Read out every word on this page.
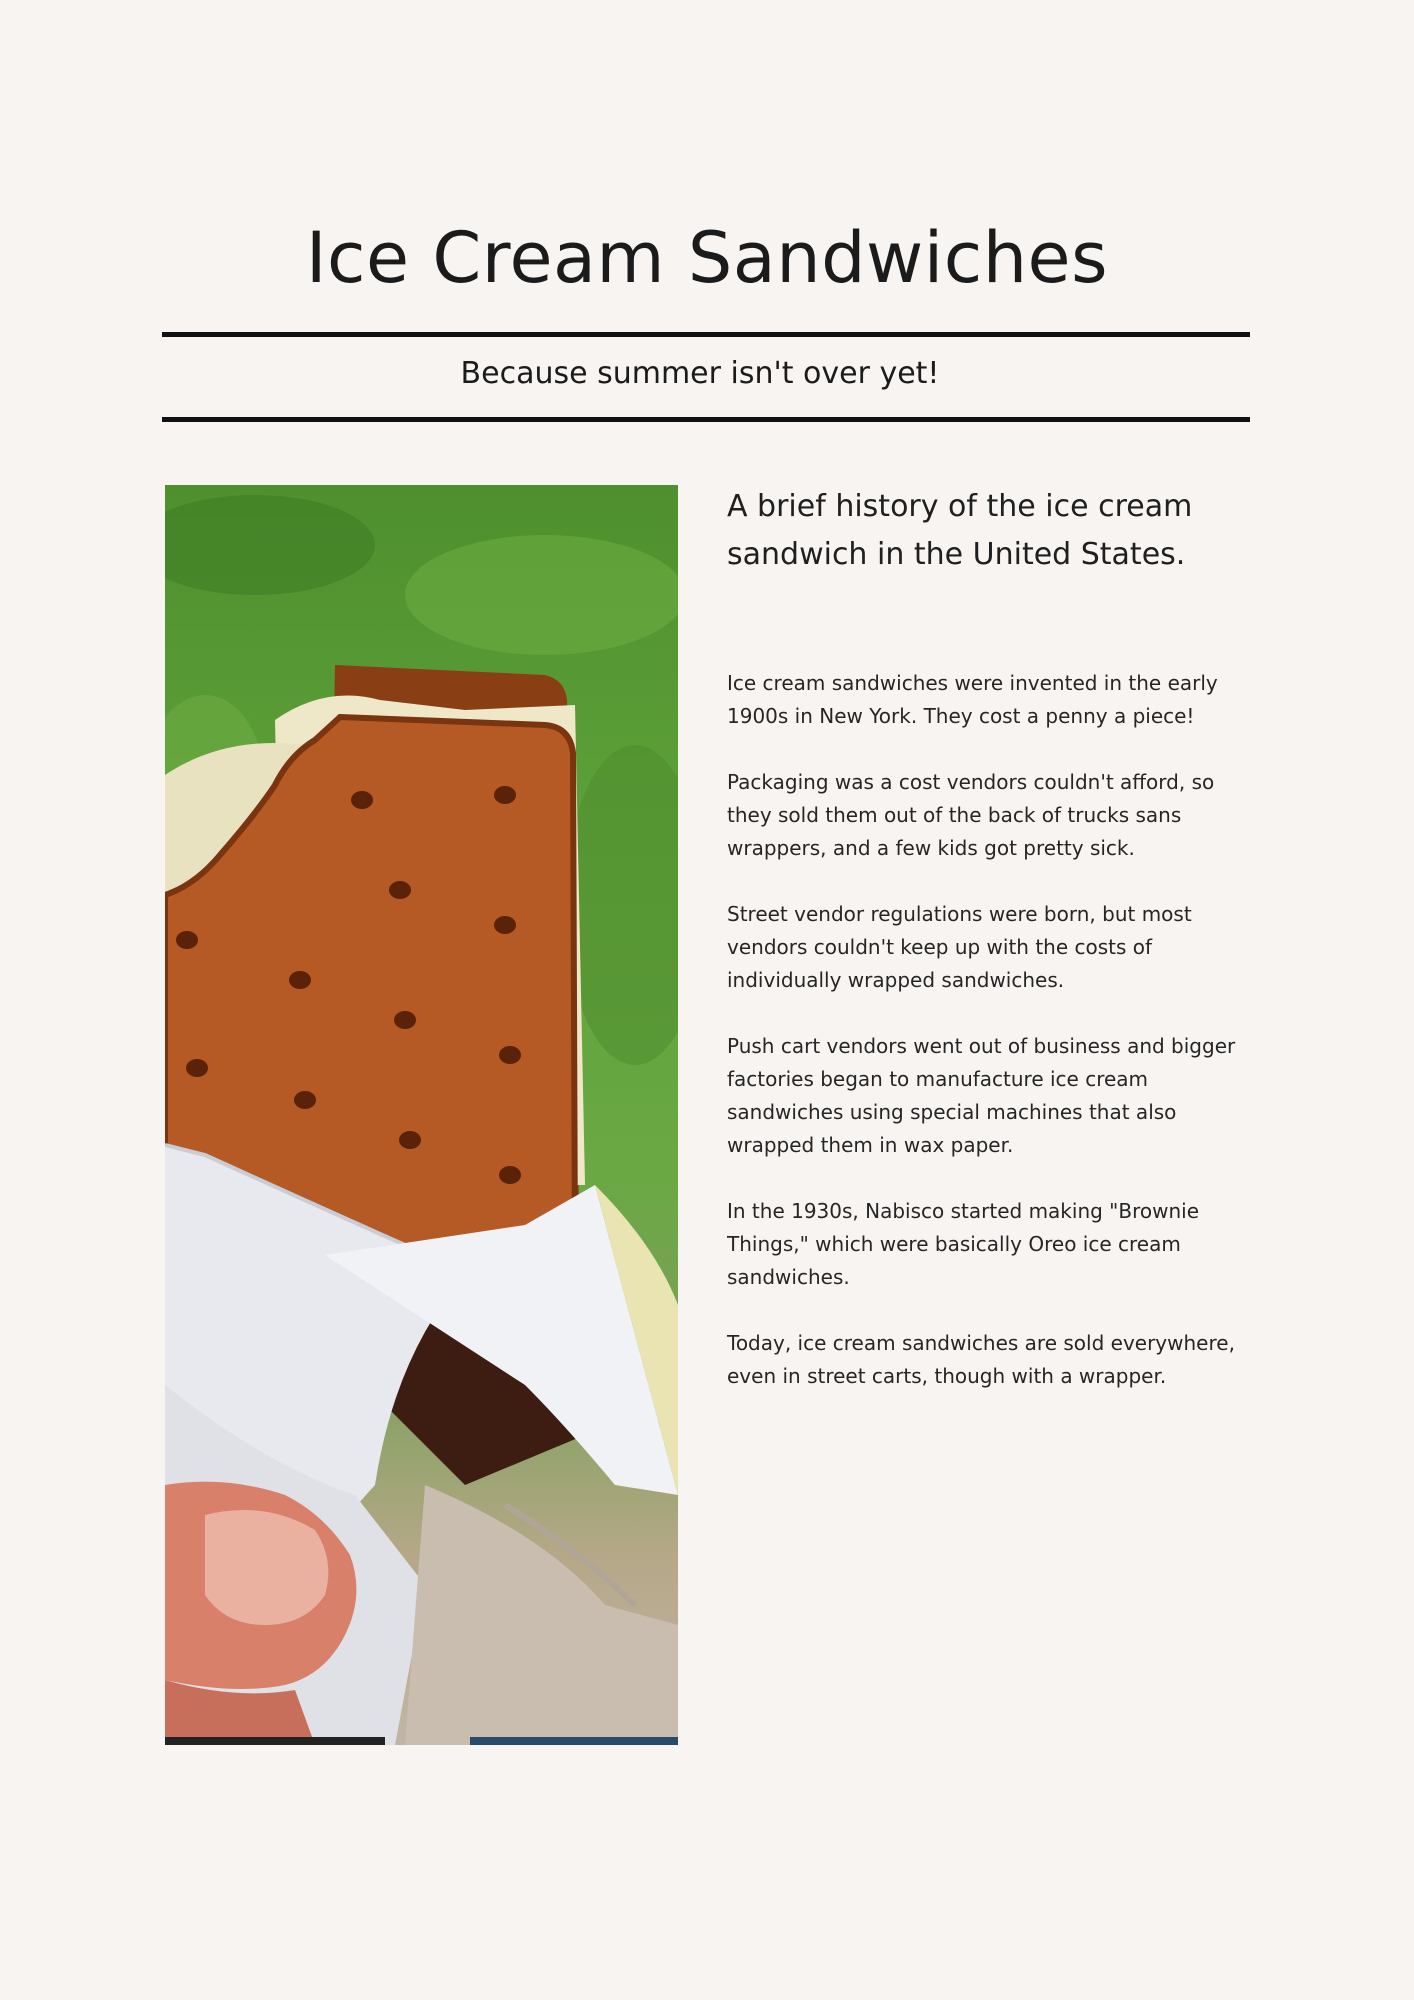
Ice Cream Sandwiches
Because summer isn't over yet!
A brief history of the ice cream sandwich in the United States.

Ice cream sandwiches were invented in the early 1900s in New York. They cost a penny a piece!

Packaging was a cost vendors couldn't afford, so they sold them out of the back of trucks sans wrappers, and a few kids got pretty sick.

Street vendor regulations were born, but most vendors couldn't keep up with the costs of individually wrapped sandwiches.

Push cart vendors went out of business and bigger factories began to manufacture ice cream sandwiches using special machines that also wrapped them in wax paper.

In the 1930s, Nabisco started making "Brownie Things," which were basically Oreo ice cream sandwiches.

Today, ice cream sandwiches are sold everywhere, even in street carts, though with a wrapper.
